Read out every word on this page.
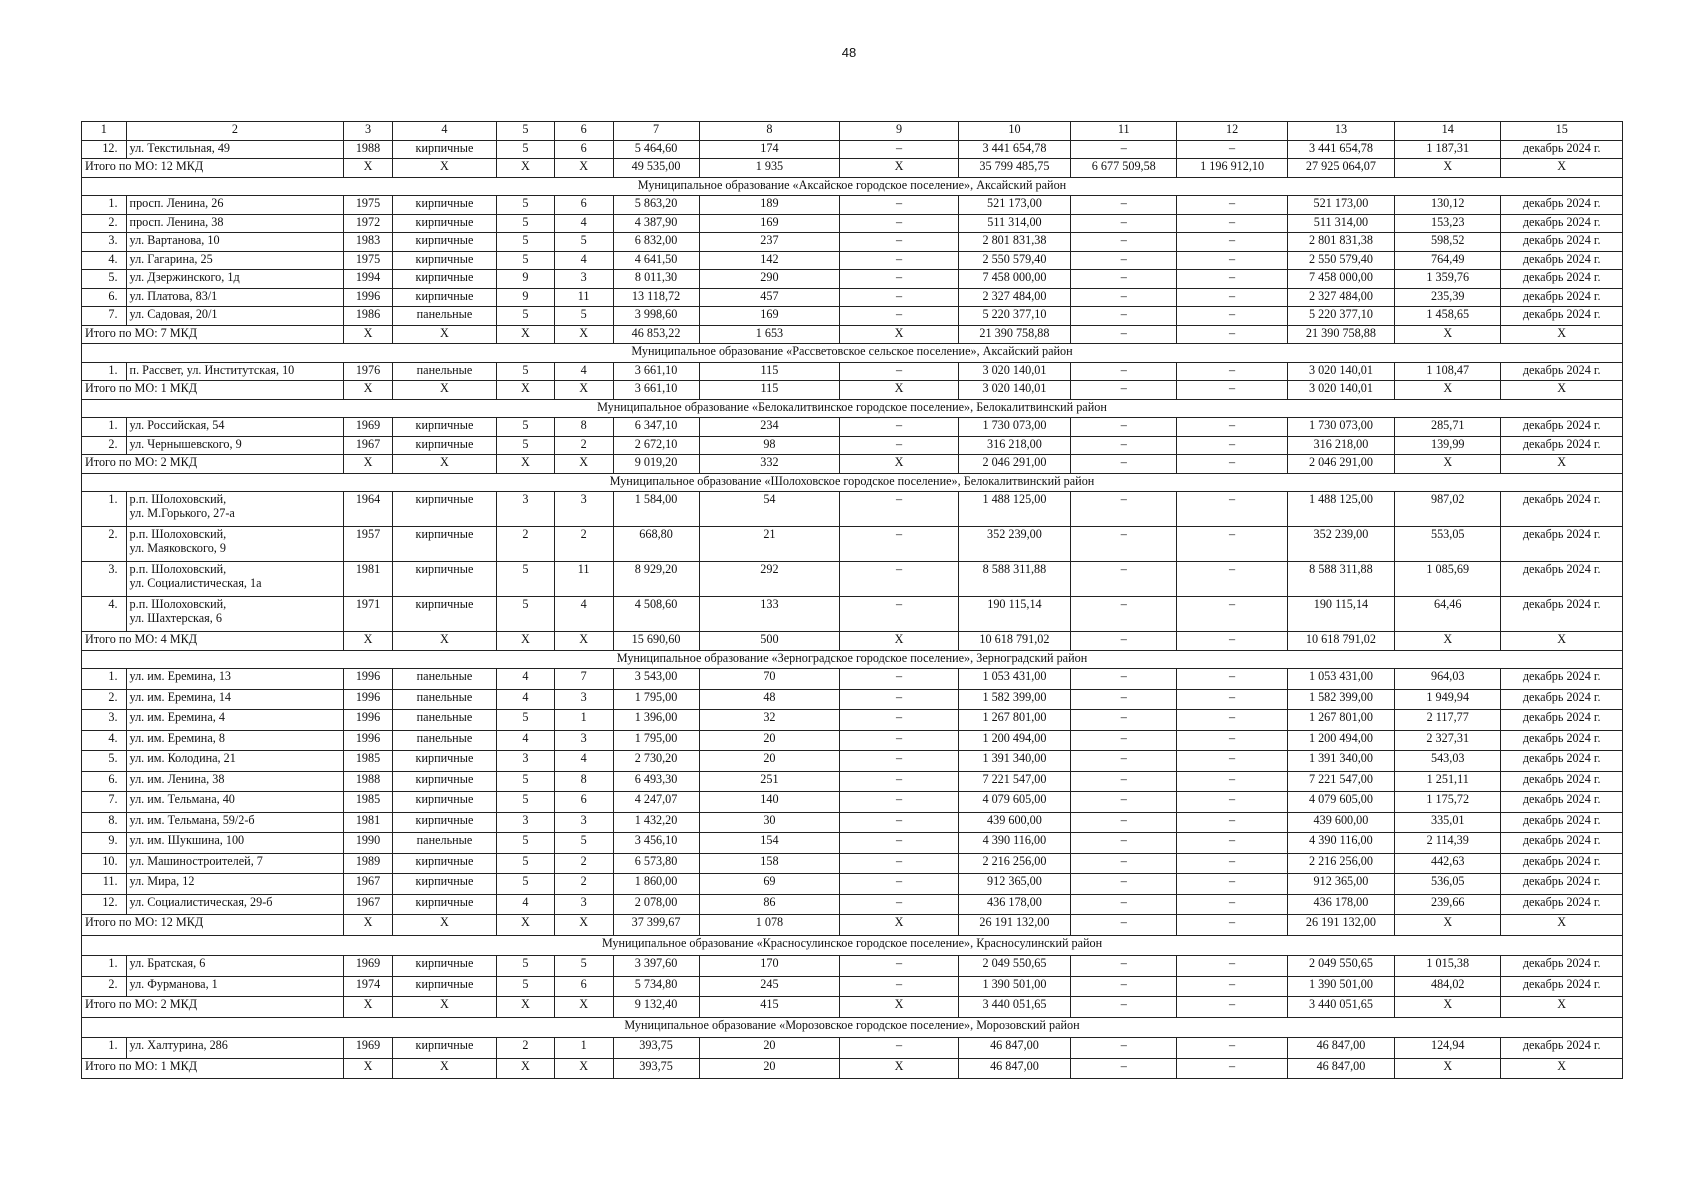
48
1	2	3	4	5	6	7	8	9	10	11	12	13	14	15
12.	ул. Текстильная, 49	1988	кирпичные	5	6	5 464,60	174	–	3 441 654,78	–	–	3 441 654,78	1 187,31	декабрь 2024 г.
Итого по МО: 12 МКД		X	X	X	X	49 535,00	1 935	X	35 799 485,75	6 677 509,58	1 196 912,10	27 925 064,07	X	X
Муниципальное образование «Аксайское городское поселение», Аксайский район														
1.	просп. Ленина, 26	1975	кирпичные	5	6	5 863,20	189	–	521 173,00	–	–	521 173,00	130,12	декабрь 2024 г.
2.	просп. Ленина, 38	1972	кирпичные	5	4	4 387,90	169	–	511 314,00	–	–	511 314,00	153,23	декабрь 2024 г.
3.	ул. Вартанова, 10	1983	кирпичные	5	5	6 832,00	237	–	2 801 831,38	–	–	2 801 831,38	598,52	декабрь 2024 г.
4.	ул. Гагарина, 25	1975	кирпичные	5	4	4 641,50	142	–	2 550 579,40	–	–	2 550 579,40	764,49	декабрь 2024 г.
5.	ул. Дзержинского, 1д	1994	кирпичные	9	3	8 011,30	290	–	7 458 000,00	–	–	7 458 000,00	1 359,76	декабрь 2024 г.
6.	ул. Платова, 83/1	1996	кирпичные	9	11	13 118,72	457	–	2 327 484,00	–	–	2 327 484,00	235,39	декабрь 2024 г.
7.	ул. Садовая, 20/1	1986	панельные	5	5	3 998,60	169	–	5 220 377,10	–	–	5 220 377,10	1 458,65	декабрь 2024 г.
Итого по МО: 7 МКД		X	X	X	X	46 853,22	1 653	X	21 390 758,88	–	–	21 390 758,88	X	X
Муниципальное образование «Рассветовское сельское поселение», Аксайский район														
1.	п. Рассвет, ул. Институтская, 10	1976	панельные	5	4	3 661,10	115	–	3 020 140,01	–	–	3 020 140,01	1 108,47	декабрь 2024 г.
Итого по МО: 1 МКД		X	X	X	X	3 661,10	115	X	3 020 140,01	–	–	3 020 140,01	X	X
Муниципальное образование «Белокалитвинское городское поселение», Белокалитвинский район														
1.	ул. Российская, 54	1969	кирпичные	5	8	6 347,10	234	–	1 730 073,00	–	–	1 730 073,00	285,71	декабрь 2024 г.
2.	ул. Чернышевского, 9	1967	кирпичные	5	2	2 672,10	98	–	316 218,00	–	–	316 218,00	139,99	декабрь 2024 г.
Итого по МО: 2 МКД		X	X	X	X	9 019,20	332	X	2 046 291,00	–	–	2 046 291,00	X	X
Муниципальное образование «Шолоховское городское поселение», Белокалитвинский район														
1.	р.п. Шолоховский,
ул. М.Горького, 27-а	1964	кирпичные	3	3	1 584,00	54	–	1 488 125,00	–	–	1 488 125,00	987,02	декабрь 2024 г.
2.	р.п. Шолоховский,
ул. Маяковского, 9	1957	кирпичные	2	2	668,80	21	–	352 239,00	–	–	352 239,00	553,05	декабрь 2024 г.
3.	р.п. Шолоховский,
ул. Социалистическая, 1а	1981	кирпичные	5	11	8 929,20	292	–	8 588 311,88	–	–	8 588 311,88	1 085,69	декабрь 2024 г.
4.	р.п. Шолоховский,
ул. Шахтерская, 6	1971	кирпичные	5	4	4 508,60	133	–	190 115,14	–	–	190 115,14	64,46	декабрь 2024 г.
Итого по МО: 4 МКД		X	X	X	X	15 690,60	500	X	10 618 791,02	–	–	10 618 791,02	X	X
Муниципальное образование «Зерноградское городское поселение», Зерноградский район														
1.	ул. им. Еремина, 13	1996	панельные	4	7	3 543,00	70	–	1 053 431,00	–	–	1 053 431,00	964,03	декабрь 2024 г.
2.	ул. им. Еремина, 14	1996	панельные	4	3	1 795,00	48	–	1 582 399,00	–	–	1 582 399,00	1 949,94	декабрь 2024 г.
3.	ул. им. Еремина, 4	1996	панельные	5	1	1 396,00	32	–	1 267 801,00	–	–	1 267 801,00	2 117,77	декабрь 2024 г.
4.	ул. им. Еремина, 8	1996	панельные	4	3	1 795,00	20	–	1 200 494,00	–	–	1 200 494,00	2 327,31	декабрь 2024 г.
5.	ул. им. Колодина, 21	1985	кирпичные	3	4	2 730,20	20	–	1 391 340,00	–	–	1 391 340,00	543,03	декабрь 2024 г.
6.	ул. им. Ленина, 38	1988	кирпичные	5	8	6 493,30	251	–	7 221 547,00	–	–	7 221 547,00	1 251,11	декабрь 2024 г.
7.	ул. им. Тельмана, 40	1985	кирпичные	5	6	4 247,07	140	–	4 079 605,00	–	–	4 079 605,00	1 175,72	декабрь 2024 г.
8.	ул. им. Тельмана, 59/2-б	1981	кирпичные	3	3	1 432,20	30	–	439 600,00	–	–	439 600,00	335,01	декабрь 2024 г.
9.	ул. им. Шукшина, 100	1990	панельные	5	5	3 456,10	154	–	4 390 116,00	–	–	4 390 116,00	2 114,39	декабрь 2024 г.
10.	ул. Машиностроителей, 7	1989	кирпичные	5	2	6 573,80	158	–	2 216 256,00	–	–	2 216 256,00	442,63	декабрь 2024 г.
11.	ул. Мира, 12	1967	кирпичные	5	2	1 860,00	69	–	912 365,00	–	–	912 365,00	536,05	декабрь 2024 г.
12.	ул. Социалистическая, 29-б	1967	кирпичные	4	3	2 078,00	86	–	436 178,00	–	–	436 178,00	239,66	декабрь 2024 г.
Итого по МО: 12 МКД		X	X	X	X	37 399,67	1 078	X	26 191 132,00	–	–	26 191 132,00	X	X
Муниципальное образование «Красносулинское городское поселение», Красносулинский район														
1.	ул. Братская, 6	1969	кирпичные	5	5	3 397,60	170	–	2 049 550,65	–	–	2 049 550,65	1 015,38	декабрь 2024 г.
2.	ул. Фурманова, 1	1974	кирпичные	5	6	5 734,80	245	–	1 390 501,00	–	–	1 390 501,00	484,02	декабрь 2024 г.
Итого по МО: 2 МКД		X	X	X	X	9 132,40	415	X	3 440 051,65	–	–	3 440 051,65	X	X
Муниципальное образование «Морозовское городское поселение», Морозовский район														
1.	ул. Халтурина, 286	1969	кирпичные	2	1	393,75	20	–	46 847,00	–	–	46 847,00	124,94	декабрь 2024 г.
Итого по МО: 1 МКД		X	X	X	X	393,75	20	X	46 847,00	–	–	46 847,00	X	X
